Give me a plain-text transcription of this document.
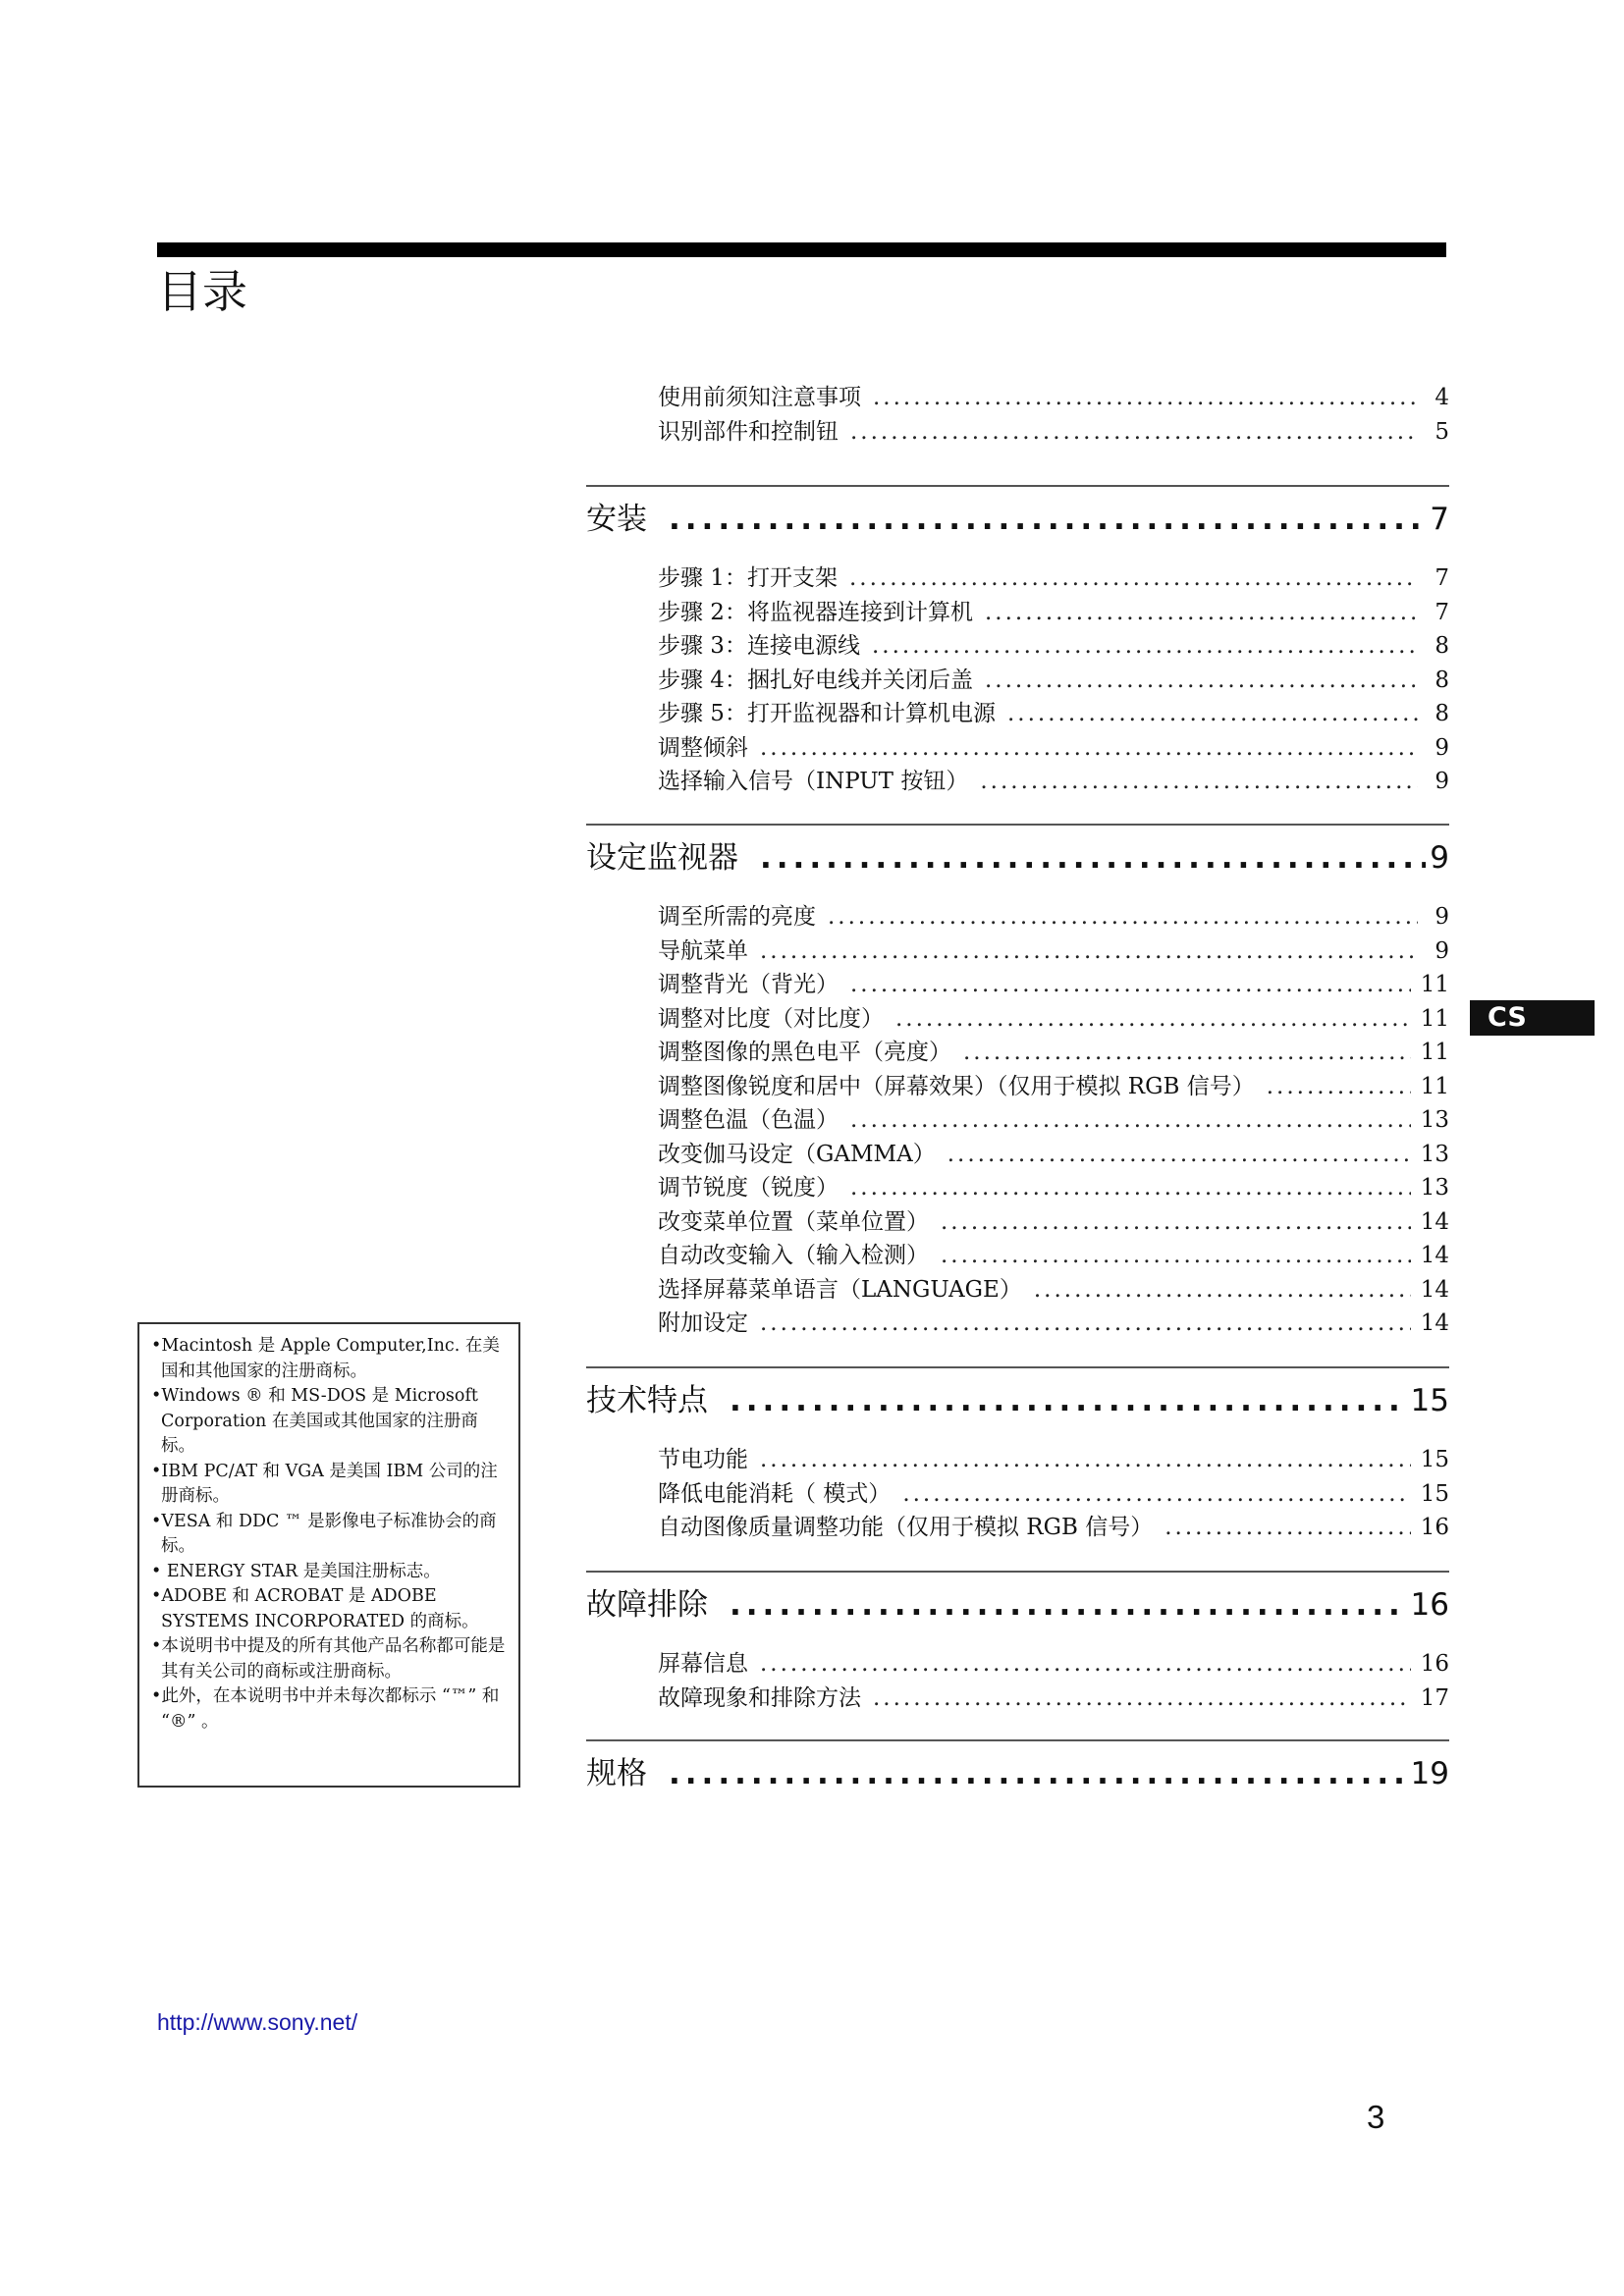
目录
使用前须知注意事项 .....	4
识别部件和控制钮 .....	5
安装 .....	7
步骤 1：打开支架 .....	7
步骤 2：将监视器连接到计算机 .....	7
步骤 3：连接电源线 .....	8
步骤 4：捆扎好电线并关闭后盖 .....	8
步骤 5：打开监视器和计算机电源 .....	8
调整倾斜 .....	9
选择输入信号（INPUT 按钮） .....	9
设定监视器 .....	9
调至所需的亮度 .....	9
导航菜单 .....	9
调整背光（背光） .....	11
调整对比度（对比度） .....	11
调整图像的黑色电平（亮度） .....	11
调整图像锐度和居中（屏幕效果）（仅用于模拟 RGB 信号） .....	11
调整色温（色温） .....	13
改变伽马设定（GAMMA） .....	13
调节锐度（锐度） .....	13
改变菜单位置（菜单位置） .....	14
自动改变输入（输入检测） .....	14
选择屏幕菜单语言（LANGUAGE） .....	14
附加设定 .....	14
技术特点 .....	15
节电功能 .....	15
降低电能消耗（ 模式） .....	15
自动图像质量调整功能（仅用于模拟 RGB 信号） .....	16
故障排除 .....	16
屏幕信息 .....	16
故障现象和排除方法 .....	17
规格 .....	19
CS

•Macintosh 是 Apple Computer,Inc. 在美国和其他国家的注册商标。

•Windows ® 和 MS-DOS 是 Microsoft Corporation 在美国或其他国家的注册商标。

•IBM PC/AT 和 VGA 是美国 IBM 公司的注册商标。

•VESA 和 DDC ™ 是影像电子标准协会的商标。

• ENERGY STAR 是美国注册标志。

•ADOBE 和 ACROBAT 是 ADOBE SYSTEMS INCORPORATED 的商标。

•本说明书中提及的所有其他产品名称都可能是其有关公司的商标或注册商标。

•此外，在本说明书中并未每次都标示 “™” 和 “®” 。

http://www.sony.net/
3
